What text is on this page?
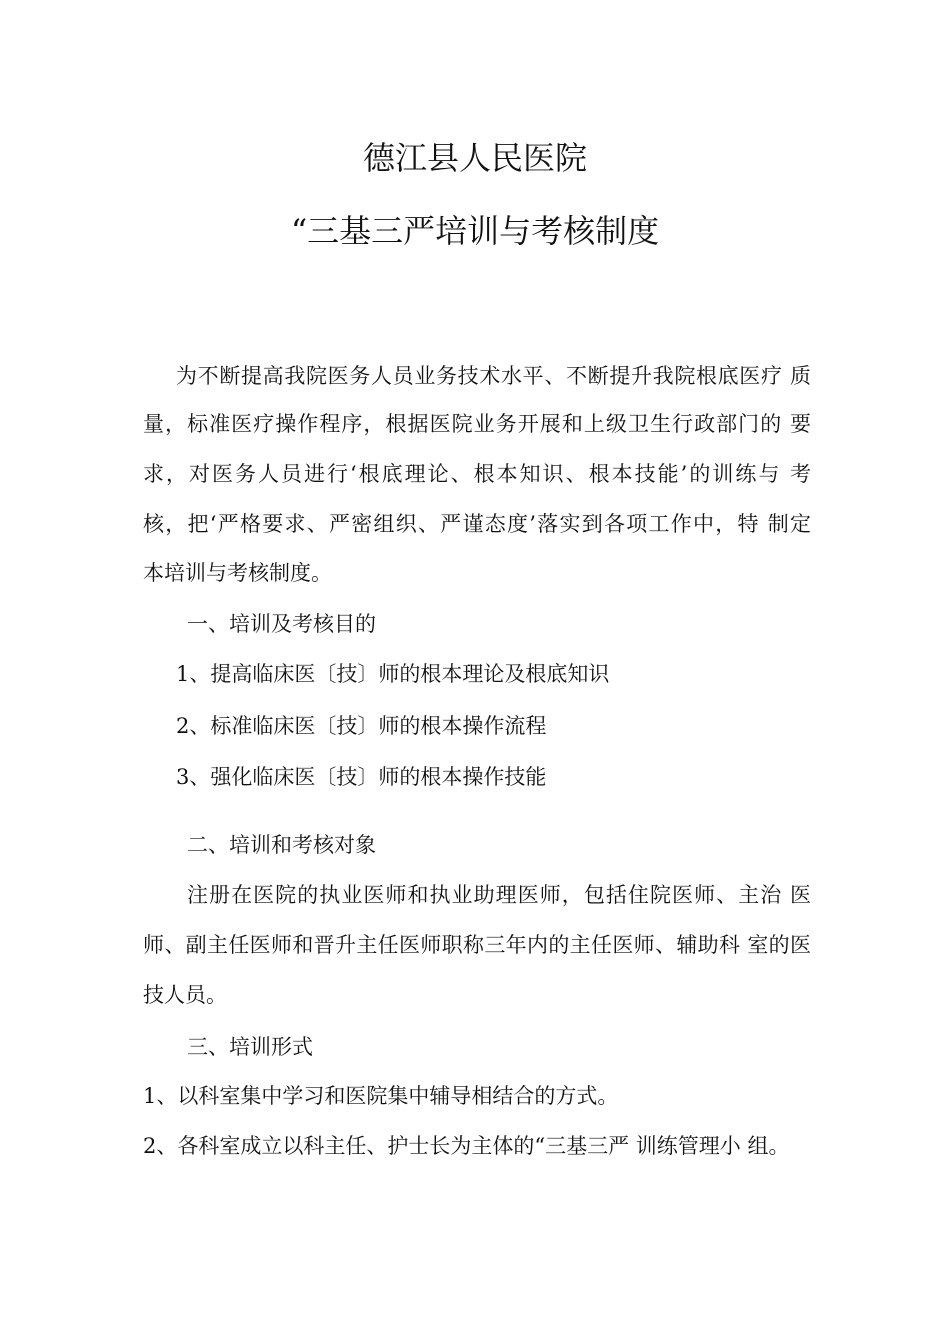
德江县人民医院
“三基三严培训与考核制度
为不断提高我院医务人员业务技术水平、不断提升我院根底医疗 质
量，标准医疗操作程序，根据医院业务开展和上级卫生行政部门的 要
求，对医务人员进行‘根底理论、根本知识、根本技能’的训练与 考
核，把‘严格要求、严密组织、严谨态度’落实到各项工作中，特 制定
本培训与考核制度。
一、培训及考核目的
1、提高临床医〔技〕师的根本理论及根底知识
2、标准临床医〔技〕师的根本操作流程
3、强化临床医〔技〕师的根本操作技能
二、培训和考核对象
注册在医院的执业医师和执业助理医师，包括住院医师、主治 医
师、副主任医师和晋升主任医师职称三年内的主任医师、辅助科 室的医
技人员。
三、培训形式
1、以科室集中学习和医院集中辅导相结合的方式。
2、各科室成立以科主任、护士长为主体的“三基三严 训练管理小 组。
